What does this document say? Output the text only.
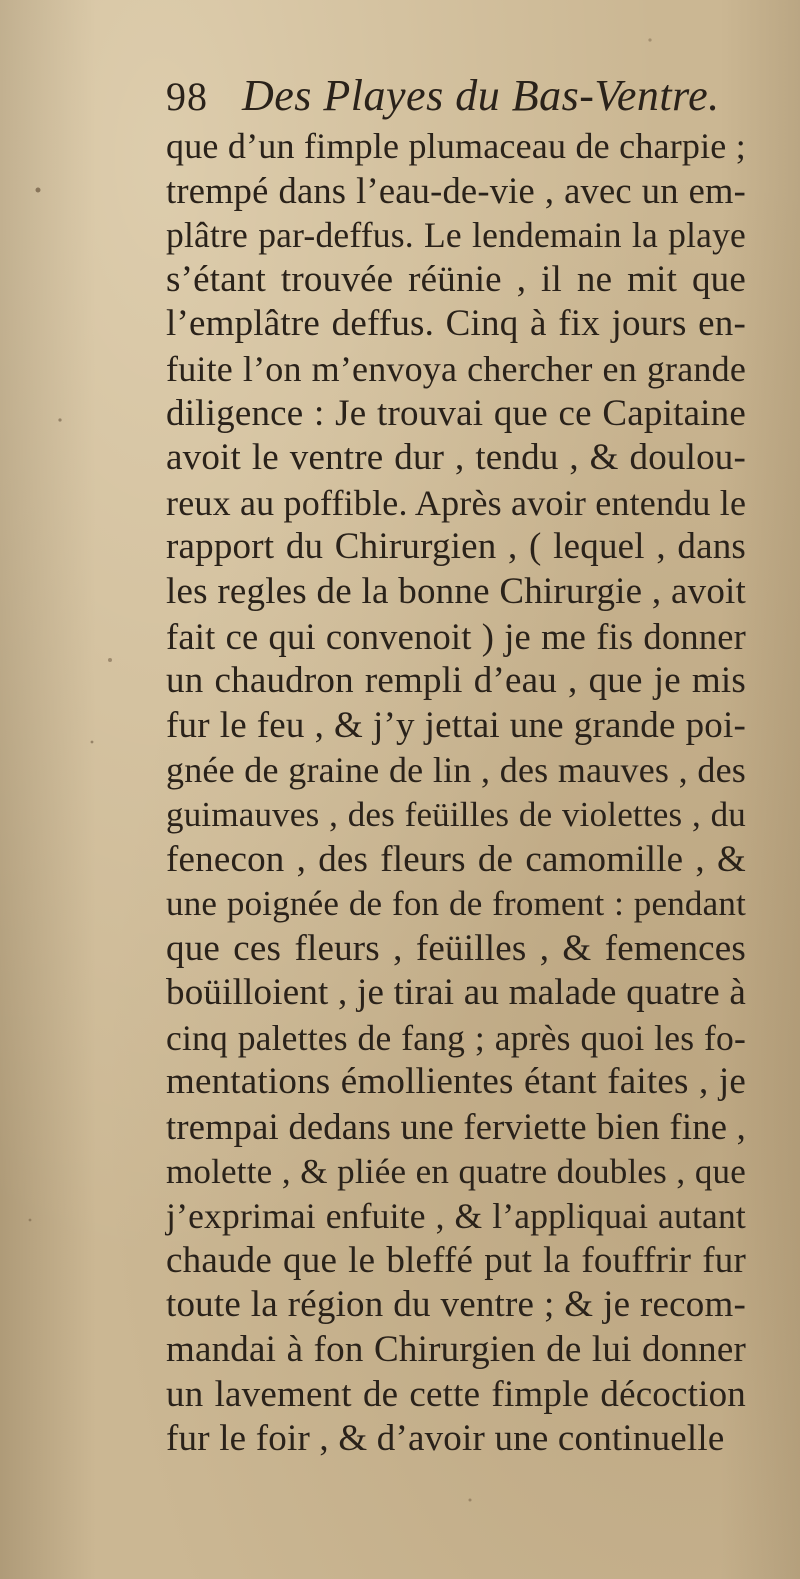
98 Des Playes du Bas-Ventre.
que d’un fimple plumaceau de charpie ;
trempé dans l’eau-de-vie , avec un em-
plâtre par-deffus. Le lendemain la playe
s’étant trouvée réünie , il ne mit que
l’emplâtre deffus. Cinq à fix jours en-
fuite l’on m’envoya chercher en grande
diligence : Je trouvai que ce Capitaine
avoit le ventre dur , tendu , & doulou-
reux au poffible. Après avoir entendu le
rapport du Chirurgien , ( lequel , dans
les regles de la bonne Chirurgie , avoit
fait ce qui convenoit ) je me fis donner
un chaudron rempli d’eau , que je mis
fur le feu , & j’y jettai une grande poi-
gnée de graine de lin , des mauves , des
guimauves , des feüilles de violettes , du
fenecon , des fleurs de camomille , &
une poignée de fon de froment : pendant
que ces fleurs , feüilles , & femences
boüilloient , je tirai au malade quatre à
cinq palettes de fang ; après quoi les fo-
mentations émollientes étant faites , je
trempai dedans une ferviette bien fine ,
molette , & pliée en quatre doubles , que
j’exprimai enfuite , & l’appliquai autant
chaude que le bleffé put la fouffrir fur
toute la région du ventre ; & je recom-
mandai à fon Chirurgien de lui donner
un lavement de cette fimple décoction
fur le foir , & d’avoir une continuelle
